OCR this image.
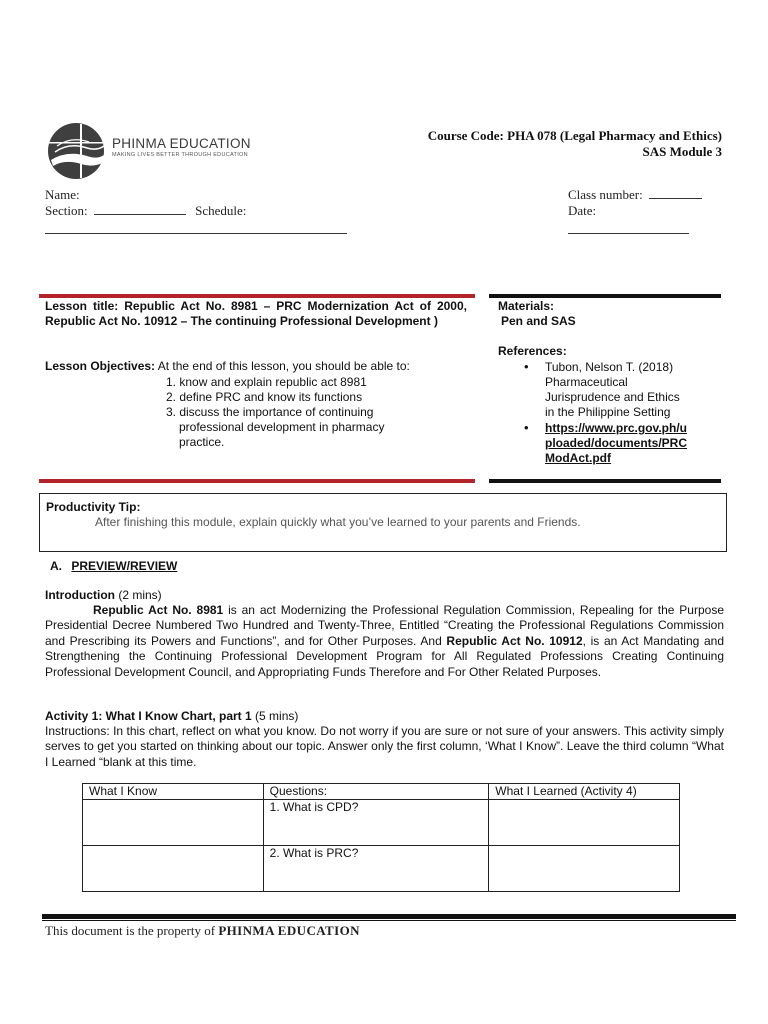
PHINMA EDUCATION
MAKING LIVES BETTER THROUGH EDUCATION
Course Code: PHA 078 (Legal Pharmacy and Ethics)
SAS Module 3
Name:
Section:	Schedule:
Class number:
Date:
Lesson title: Republic Act No. 8981 – PRC Modernization Act of 2000, Republic Act No. 10912 – The continuing Professional Development )
Lesson Objectives: At the end of this lesson, you should be able to:
1. know and explain republic act 8981
2. define PRC and know its functions
3. discuss the importance of continuing
professional development in pharmacy
practice.
Materials:
Pen and SAS
References:
• Tubon, Nelson T. (2018)
Pharmaceutical
Jurisprudence and Ethics
in the Philippine Setting
• https://www.prc.gov.ph/u
ploaded/documents/PRC
ModAct.pdf
Productivity Tip:
After finishing this module, explain quickly what you’ve learned to your parents and Friends.
A. PREVIEW/REVIEW
Introduction (2 mins)
Republic Act No. 8981 is an act Modernizing the Professional Regulation Commission, Repealing for the Purpose Presidential Decree Numbered Two Hundred and Twenty-Three, Entitled “Creating the Professional Regulations Commission and Prescribing its Powers and Functions”, and for Other Purposes. And Republic Act No. 10912, is an Act Mandating and Strengthening the Continuing Professional Development Program for All Regulated Professions Creating Continuing Professional Development Council, and Appropriating Funds Therefore and For Other Related Purposes.
Activity 1: What I Know Chart, part 1 (5 mins)
Instructions: In this chart, reflect on what you know. Do not worry if you are sure or not sure of your answers. This activity simply serves to get you started on thinking about our topic. Answer only the first column, ‘What I Know”. Leave the third column “What I Learned “blank at this time.
What I Know	Questions:	What I Learned (Activity 4)
	1. What is CPD?	
	2. What is PRC?	
This document is the property of PHINMA EDUCATION
